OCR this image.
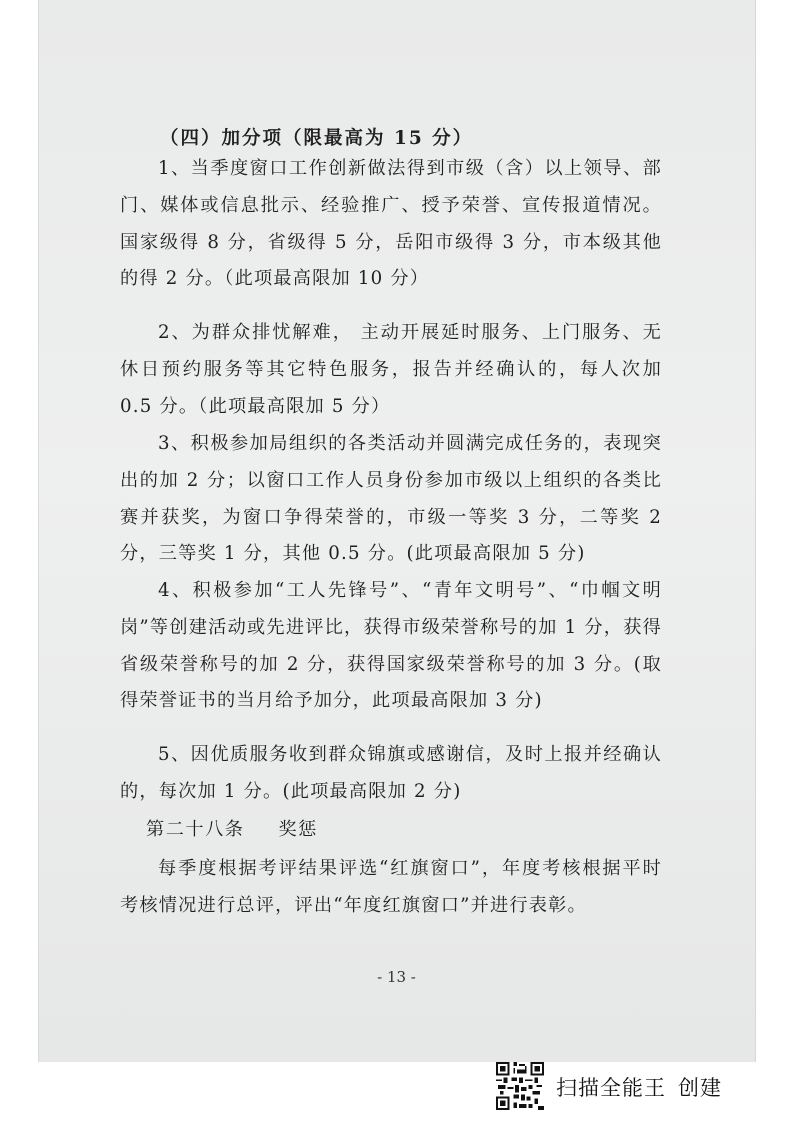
（四）加分项（限最高为 15 分）

1、当季度窗口工作创新做法得到市级（含）以上领导、部门、媒体或信息批示、经验推广、授予荣誉、宣传报道情况。国家级得 8 分，省级得 5 分，岳阳市级得 3 分，市本级其他的得 2 分。（此项最高限加 10 分）

2、为群众排忧解难， 主动开展延时服务、上门服务、无休日预约服务等其它特色服务，报告并经确认的，每人次加 0.5 分。（此项最高限加 5 分）

3、积极参加局组织的各类活动并圆满完成任务的，表现突出的加 2 分；以窗口工作人员身份参加市级以上组织的各类比赛并获奖，为窗口争得荣誉的，市级一等奖 3 分，二等奖 2 分，三等奖 1 分，其他 0.5 分。(此项最高限加 5 分)

4、积极参加“工人先锋号”、“青年文明号”、“巾帼文明岗”等创建活动或先进评比，获得市级荣誉称号的加 1 分，获得省级荣誉称号的加 2 分，获得国家级荣誉称号的加 3 分。(取得荣誉证书的当月给予加分，此项最高限加 3 分)

5、因优质服务收到群众锦旗或感谢信，及时上报并经确认的，每次加 1 分。(此项最高限加 2 分)

第二十八条 奖惩

每季度根据考评结果评选“红旗窗口”，年度考核根据平时考核情况进行总评，评出“年度红旗窗口”并进行表彰。

- 13 -
扫描全能王 创建
